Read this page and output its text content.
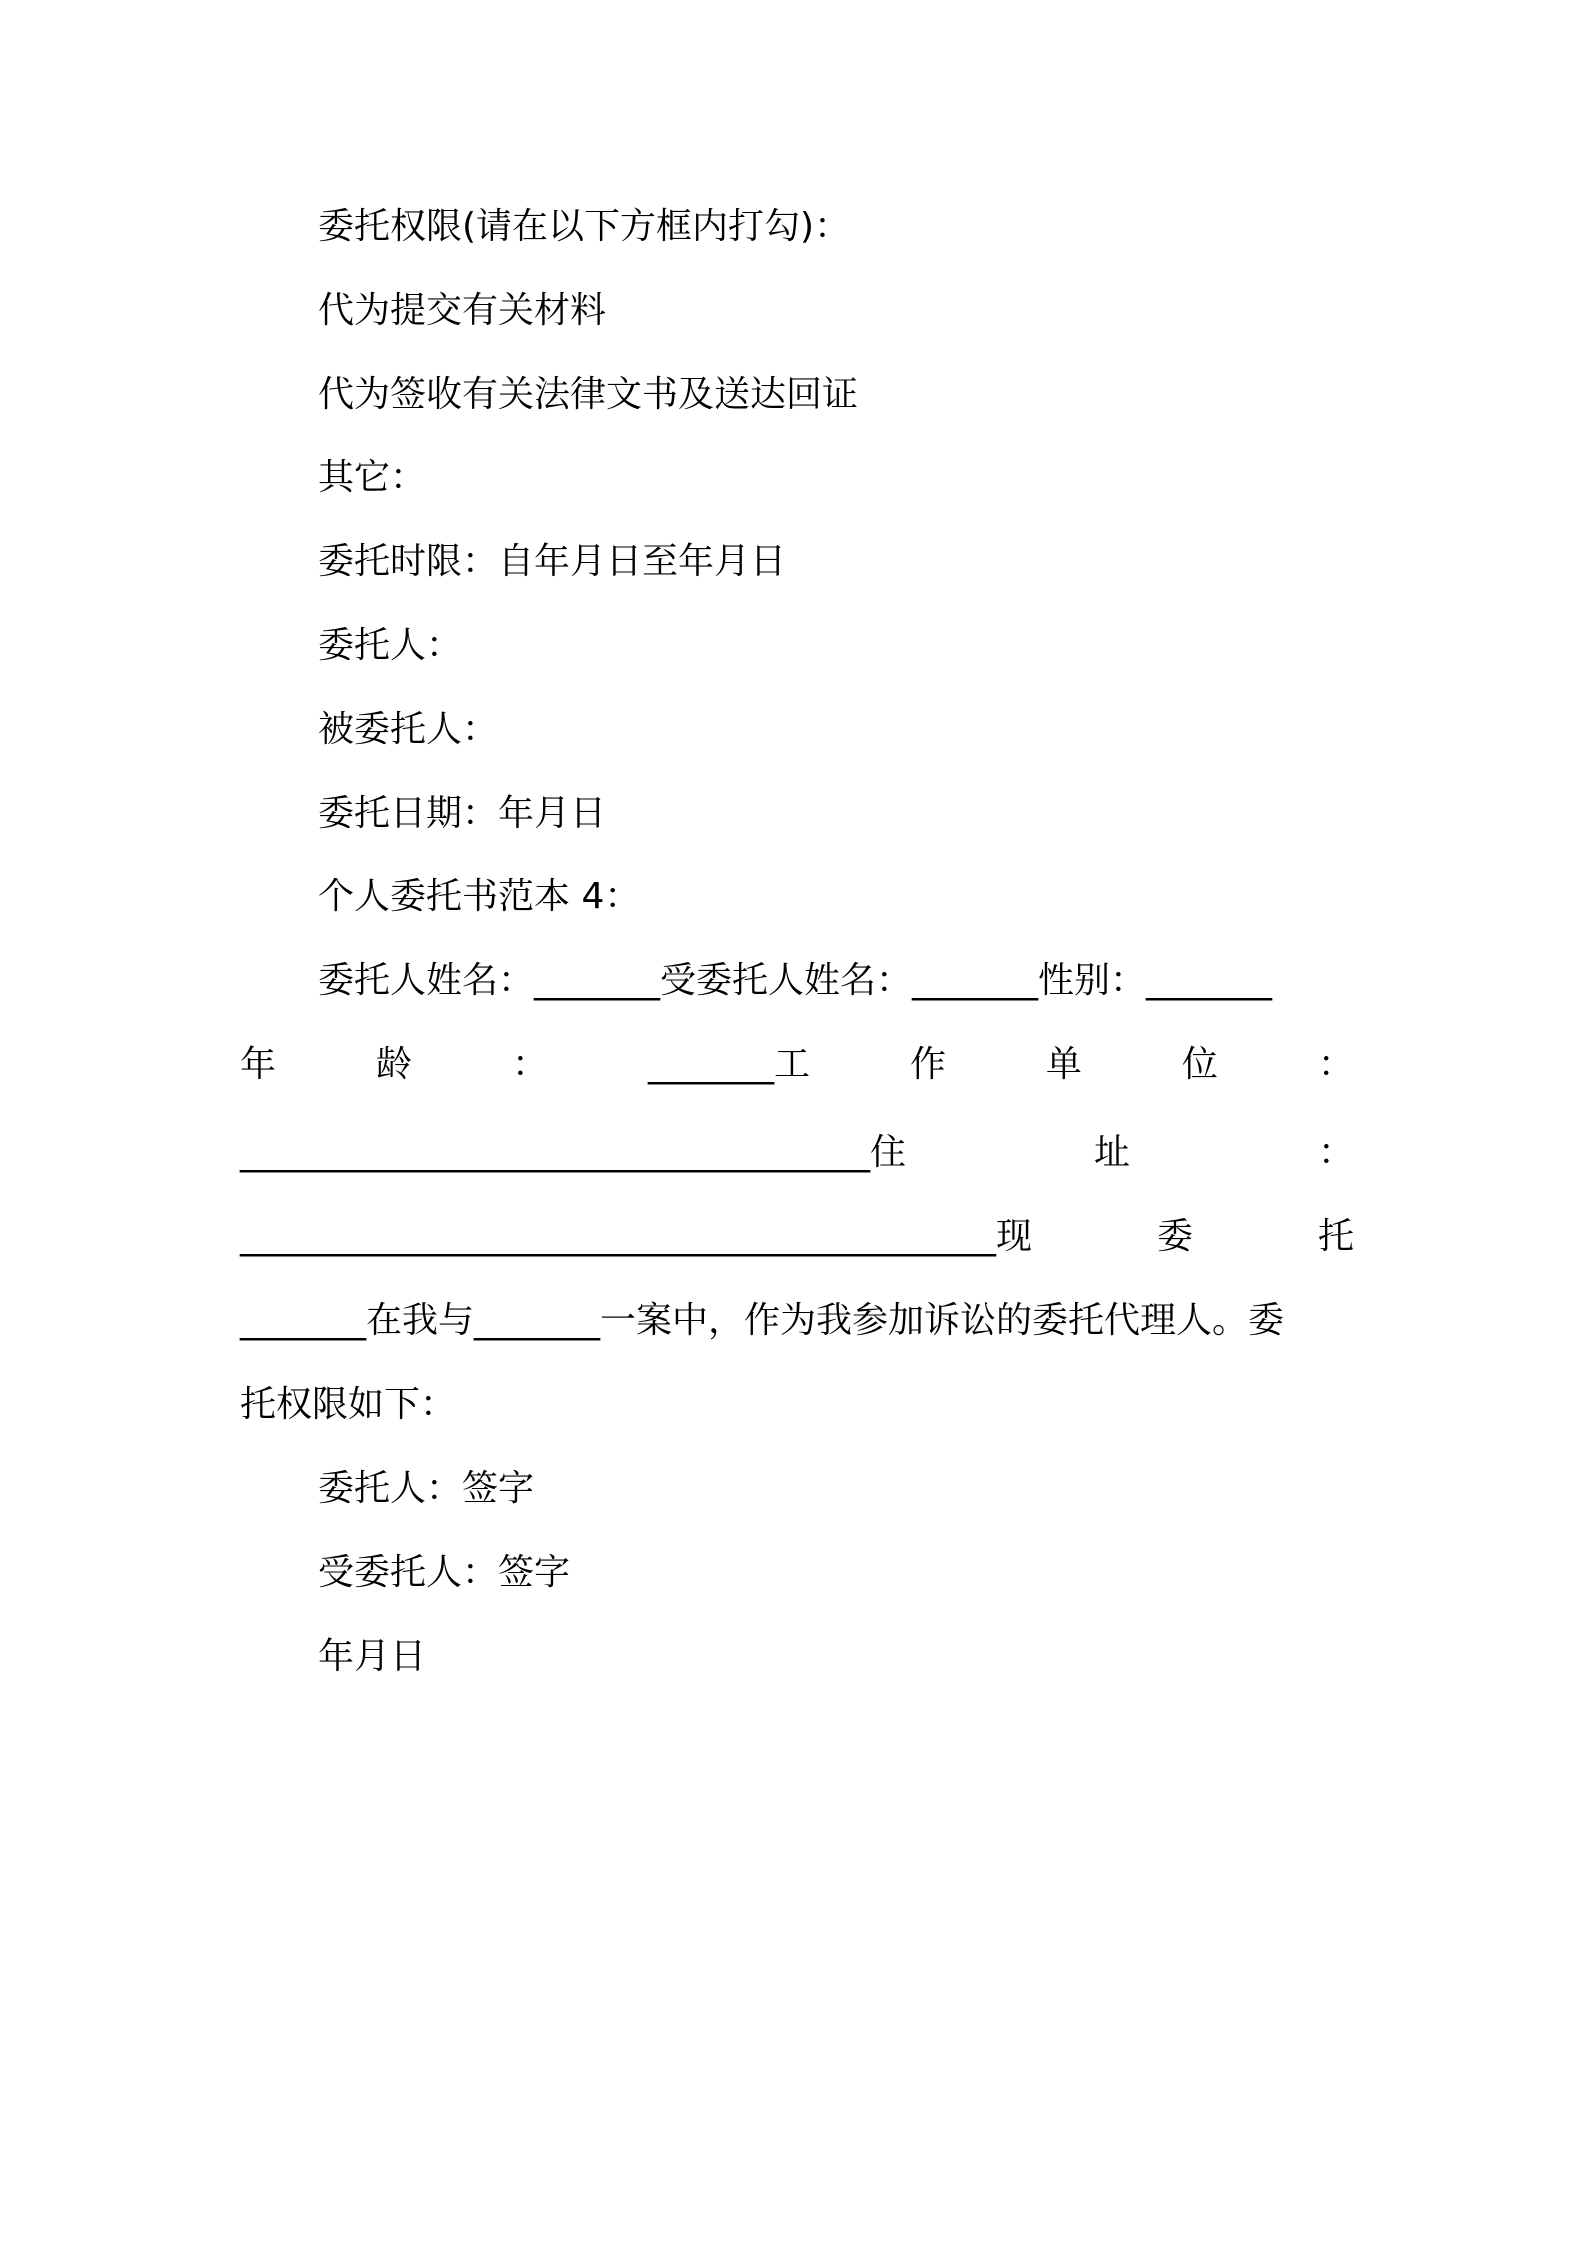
委托权限(请在以下方框内打勾)：
代为提交有关材料
代为签收有关法律文书及送达回证
其它：
委托时限：自年月日至年月日
委托人：
被委托人：
委托日期：年月日
个人委托书范本 4：
委托人姓名：_______受委托人姓名：_______性别：_______
年	龄	：	_______工	作	单	位	：
___________________________________住	址	：
__________________________________________现	委	托
_______在我与_______一案中，作为我参加诉讼的委托代理人。委
托权限如下：
委托人：签字
受委托人：签字
年月日
